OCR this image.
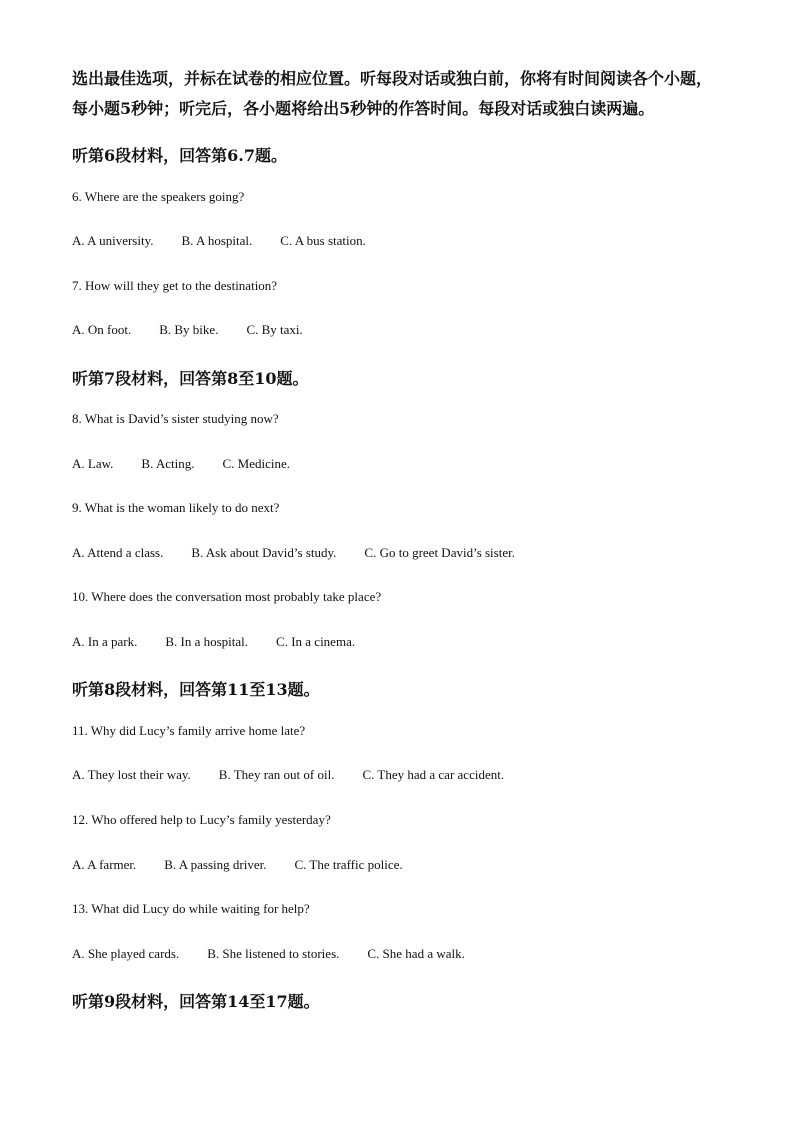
选出最佳选项，并标在试卷的相应位置。听每段对话或独白前，你将有时间阅读各个小题，每小题5秒钟；听完后，各小题将给出5秒钟的作答时间。每段对话或独白读两遍。
听第6段材料，回答第6.7题。
6. Where are the speakers going?
A. A university. B. A hospital. C. A bus station.
7. How will they get to the destination?
A. On foot. B. By bike. C. By taxi.
听第7段材料，回答第8至10题。
8. What is David’s sister studying now?
A. Law. B. Acting. C. Medicine.
9. What is the woman likely to do next?
A. Attend a class. B. Ask about David’s study. C. Go to greet David’s sister.
10. Where does the conversation most probably take place?
A. In a park. B. In a hospital. C. In a cinema.
听第8段材料，回答第11至13题。
11. Why did Lucy’s family arrive home late?
A. They lost their way. B. They ran out of oil. C. They had a car accident.
12. Who offered help to Lucy’s family yesterday?
A. A farmer. B. A passing driver. C. The traffic police.
13. What did Lucy do while waiting for help?
A. She played cards. B. She listened to stories. C. She had a walk.
听第9段材料，回答第14至17题。
